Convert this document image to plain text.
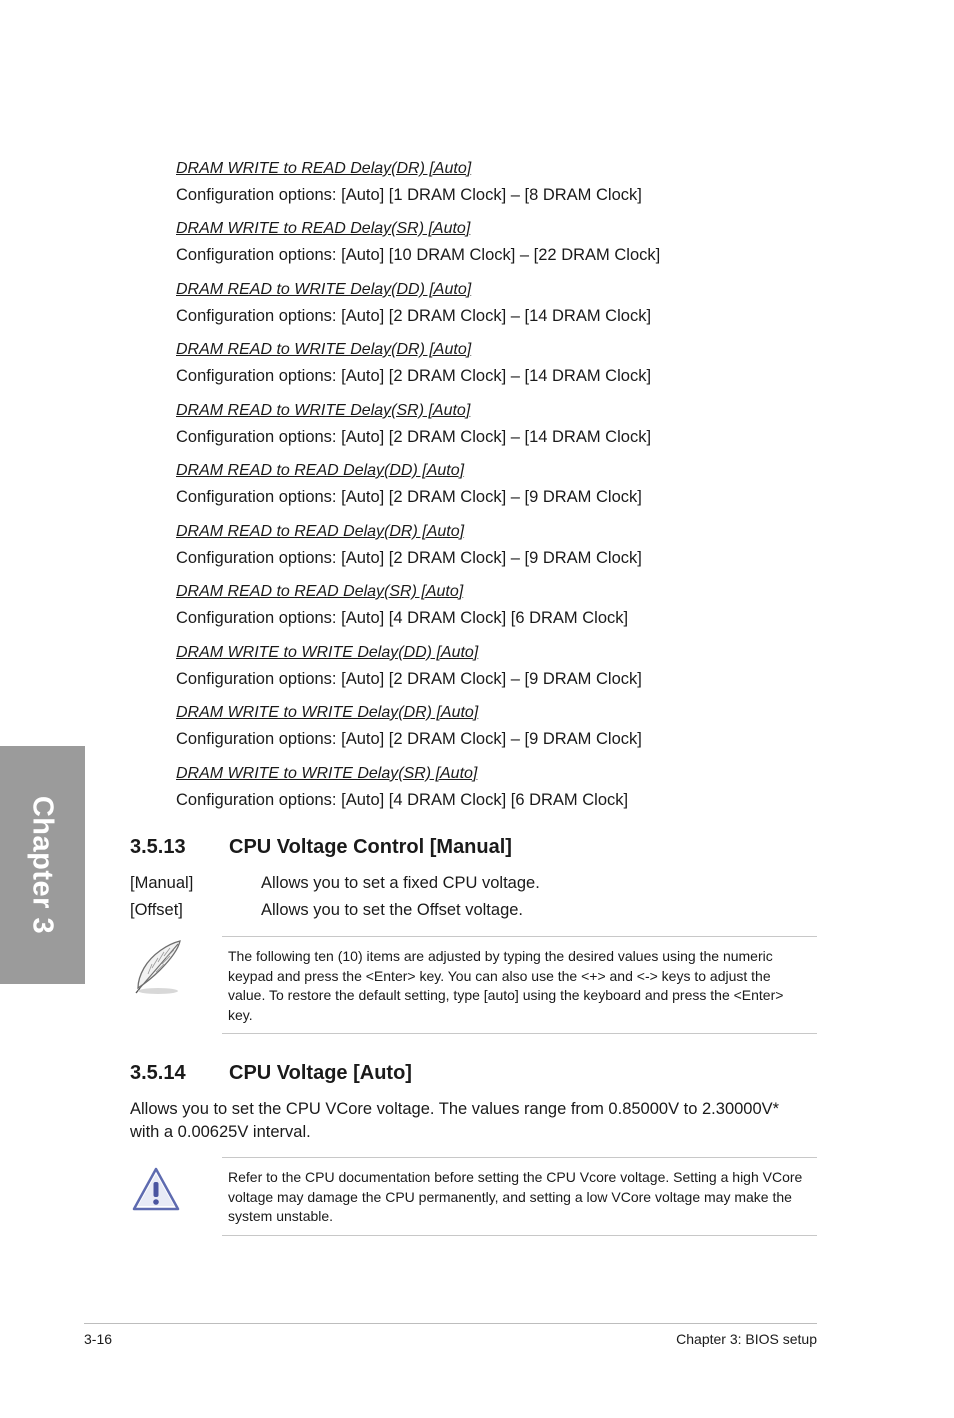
Chapter 3
DRAM WRITE to READ Delay(DR) [Auto]
Configuration options: [Auto] [1 DRAM Clock] – [8 DRAM Clock]
DRAM WRITE to READ Delay(SR) [Auto]
Configuration options: [Auto] [10 DRAM Clock] – [22 DRAM Clock]
DRAM READ to WRITE Delay(DD) [Auto]
Configuration options: [Auto] [2 DRAM Clock] – [14 DRAM Clock]
DRAM READ to WRITE Delay(DR) [Auto]
Configuration options: [Auto] [2 DRAM Clock] – [14 DRAM Clock]
DRAM READ to WRITE Delay(SR) [Auto]
Configuration options: [Auto] [2 DRAM Clock] – [14 DRAM Clock]
DRAM READ to READ Delay(DD) [Auto]
Configuration options: [Auto] [2 DRAM Clock] – [9 DRAM Clock]
DRAM READ to READ Delay(DR) [Auto]
Configuration options: [Auto] [2 DRAM Clock] – [9 DRAM Clock]
DRAM READ to READ Delay(SR) [Auto]
Configuration options: [Auto] [4 DRAM Clock] [6 DRAM Clock]
DRAM WRITE to WRITE Delay(DD) [Auto]
Configuration options: [Auto] [2 DRAM Clock] – [9 DRAM Clock]
DRAM WRITE to WRITE Delay(DR) [Auto]
Configuration options: [Auto] [2 DRAM Clock] – [9 DRAM Clock]
DRAM WRITE to WRITE Delay(SR) [Auto]
Configuration options: [Auto] [4 DRAM Clock] [6 DRAM Clock]
3.5.13 CPU Voltage Control [Manual]
[Manual]	Allows you to set a fixed CPU voltage.
[Offset]	Allows you to set the Offset voltage.

The following ten (10) items are adjusted by typing the desired values using the numeric keypad and press the <Enter> key. You can also use the <+> and <-> keys to adjust the value. To restore the default setting, type [auto] using the keyboard and press the <Enter> key.

3.5.14 CPU Voltage [Auto]
Allows you to set the CPU VCore voltage. The values range from 0.85000V to 2.30000V* with a 0.00625V interval.

Refer to the CPU documentation before setting the CPU Vcore voltage. Setting a high VCore voltage may damage the CPU permanently, and setting a low VCore voltage may make the system unstable.

3-16	Chapter 3: BIOS setup
